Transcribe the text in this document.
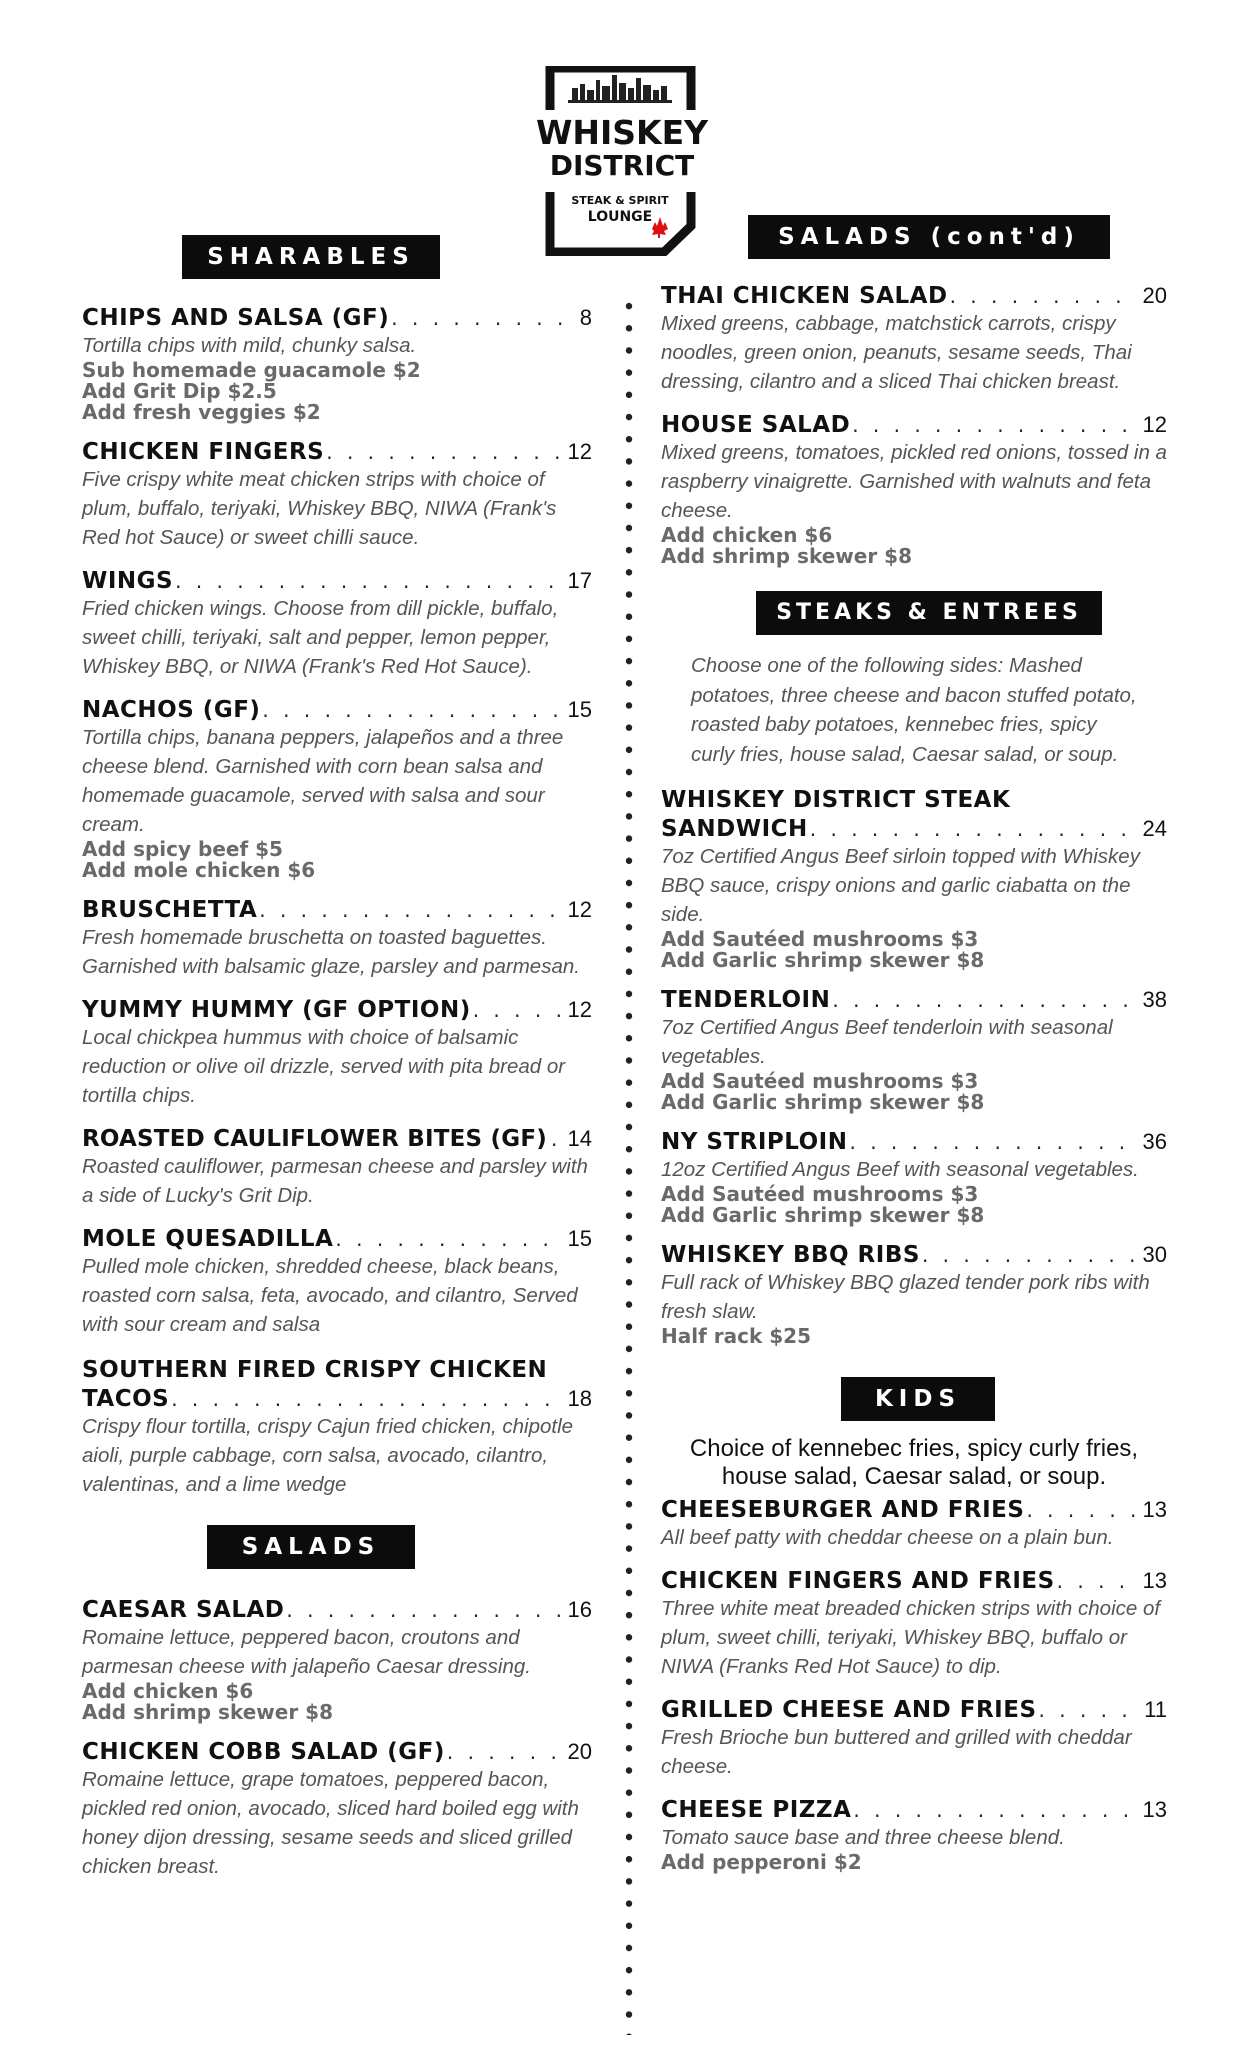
WHISKEY
DISTRICT
STEAK & SPIRIT
LOUNGE
SHARABLES
CHIPS AND SALSA (GF) . . .	8
Tortilla chips with mild, chunky salsa.
Sub homemade guacamole $2
Add Grit Dip $2.5
Add fresh veggies $2
CHICKEN FINGERS . . .	12
Five crispy white meat chicken strips with choice of plum, buffalo, teriyaki, Whiskey BBQ, NIWA (Frank's Red hot Sauce) or sweet chilli sauce.
WINGS . . .	17
Fried chicken wings. Choose from dill pickle, buffalo, sweet chilli, teriyaki, salt and pepper, lemon pepper, Whiskey BBQ, or NIWA (Frank's Red Hot Sauce).
NACHOS (GF) . . .	15
Tortilla chips, banana peppers, jalapeños and a three cheese blend. Garnished with corn bean salsa and homemade guacamole, served with salsa and sour cream.
Add spicy beef $5
Add mole chicken $6
BRUSCHETTA . . .	12
Fresh homemade bruschetta on toasted baguettes. Garnished with balsamic glaze, parsley and parmesan.
YUMMY HUMMY (GF OPTION) . . .	12
Local chickpea hummus with choice of balsamic reduction or olive oil drizzle, served with pita bread or tortilla chips.
ROASTED CAULIFLOWER BITES (GF) . . . 14
Roasted cauliflower, parmesan cheese and parsley with a side of Lucky's Grit Dip.
MOLE QUESADILLA . . .	15
Pulled mole chicken, shredded cheese, black beans, roasted corn salsa, feta, avocado, and cilantro, Served with sour cream and salsa
SOUTHERN FIRED CRISPY CHICKEN
TACOS . . .	18
Crispy flour tortilla, crispy Cajun fried chicken, chipotle aioli, purple cabbage, corn salsa, avocado, cilantro, valentinas, and a lime wedge
SALADS
CAESAR SALAD . . .	16
Romaine lettuce, peppered bacon, croutons and parmesan cheese with jalapeño Caesar dressing.
Add chicken $6
Add shrimp skewer $8
CHICKEN COBB SALAD (GF) . . .	20
Romaine lettuce, grape tomatoes, peppered bacon, pickled red onion, avocado, sliced hard boiled egg with honey dijon dressing, sesame seeds and sliced grilled chicken breast.
SALADS (cont'd)
THAI CHICKEN SALAD . . .	20
Mixed greens, cabbage, matchstick carrots, crispy noodles, green onion, peanuts, sesame seeds, Thai dressing, cilantro and a sliced Thai chicken breast.
HOUSE SALAD . . .	12
Mixed greens, tomatoes, pickled red onions, tossed in a raspberry vinaigrette. Garnished with walnuts and feta cheese.
Add chicken $6
Add shrimp skewer $8
STEAKS & ENTREES
Choose one of the following sides: Mashed potatoes, three cheese and bacon stuffed potato, roasted baby potatoes, kennebec fries, spicy curly fries, house salad, Caesar salad, or soup.
WHISKEY DISTRICT STEAK
SANDWICH . . .	24
7oz Certified Angus Beef sirloin topped with Whiskey BBQ sauce, crispy onions and garlic ciabatta on the side.
Add Sautéed mushrooms $3
Add Garlic shrimp skewer $8
TENDERLOIN . . .	38
7oz Certified Angus Beef tenderloin with seasonal vegetables.
Add Sautéed mushrooms $3
Add Garlic shrimp skewer $8
NY STRIPLOIN . . .	36
12oz Certified Angus Beef with seasonal vegetables.
Add Sautéed mushrooms $3
Add Garlic shrimp skewer $8
WHISKEY BBQ RIBS . . .	30
Full rack of Whiskey BBQ glazed tender pork ribs with fresh slaw.
Half rack $25
KIDS
Choice of kennebec fries, spicy curly fries, house salad, Caesar salad, or soup.
CHEESEBURGER AND FRIES . . .	13
All beef patty with cheddar cheese on a plain bun.
CHICKEN FINGERS AND FRIES . . .	13
Three white meat breaded chicken strips with choice of plum, sweet chilli, teriyaki, Whiskey BBQ, buffalo or NIWA (Franks Red Hot Sauce) to dip.
GRILLED CHEESE AND FRIES . . .	11
Fresh Brioche bun buttered and grilled with cheddar cheese.
CHEESE PIZZA . . .	13
Tomato sauce base and three cheese blend.
Add pepperoni $2
